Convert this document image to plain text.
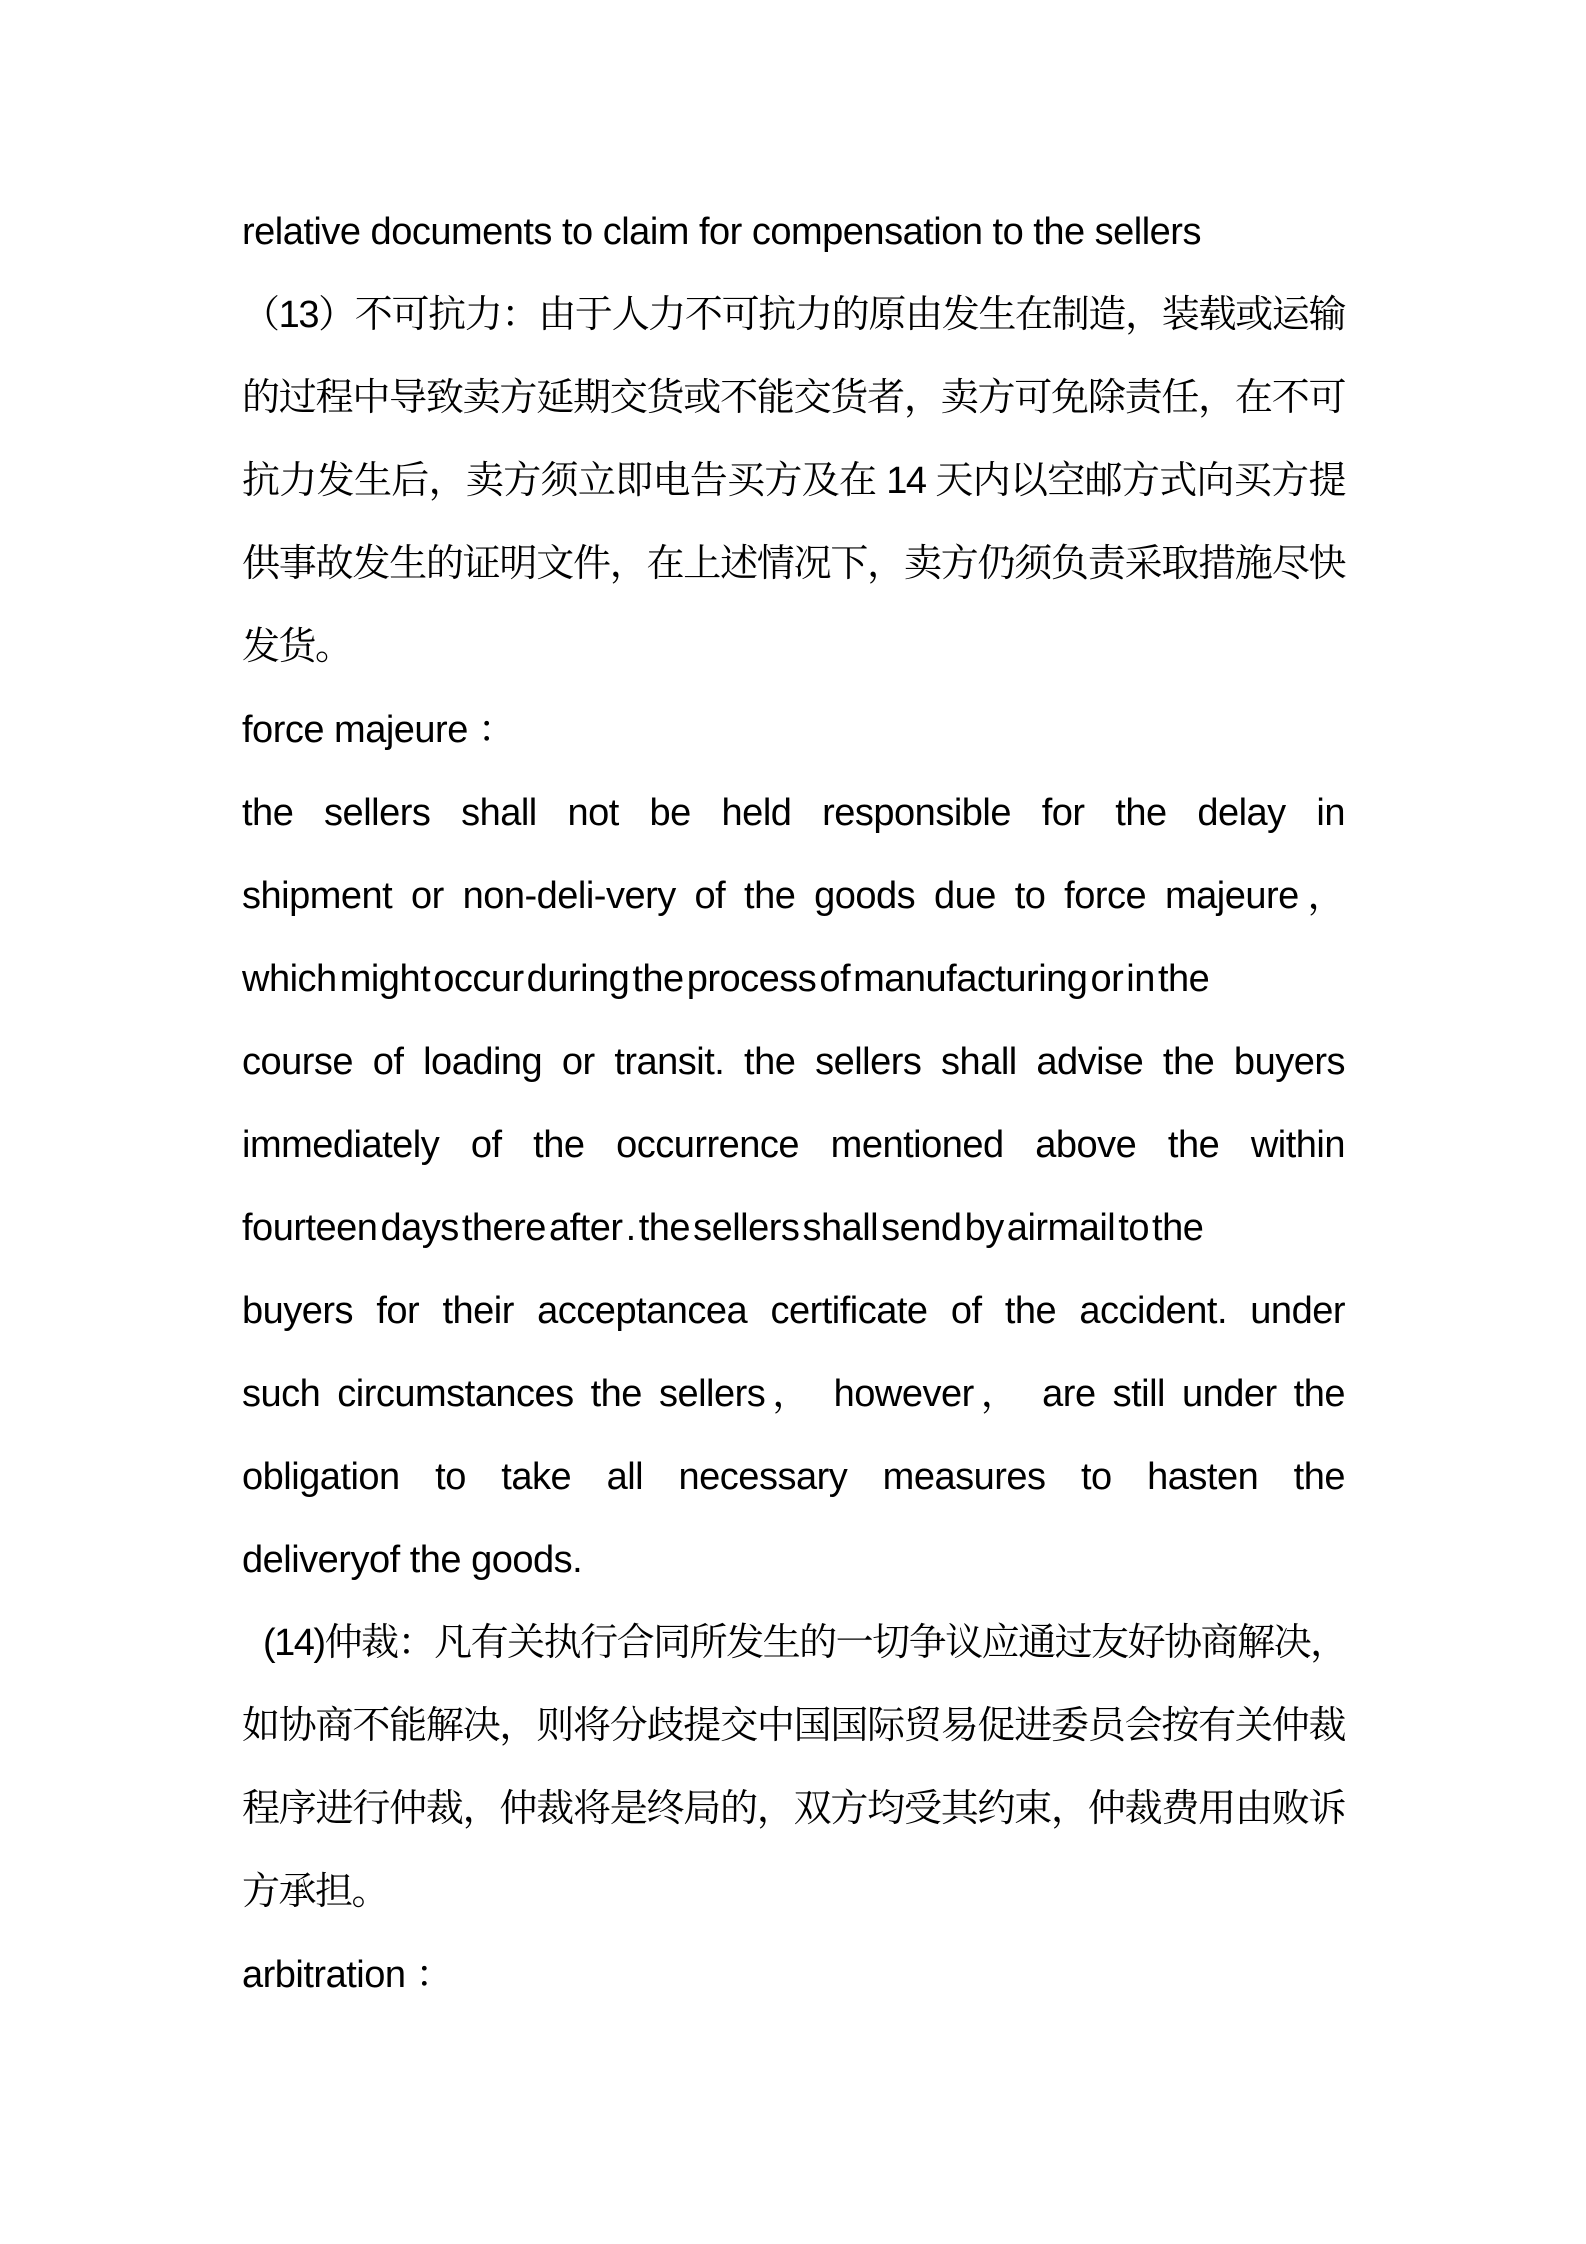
relative documents to claim for compensation to the sellers
（13）不可抗力：由于人力不可抗力的原由发生在制造，装载或运输
的过程中导致卖方延期交货或不能交货者，卖方可免除责任，在不可
抗力发生后，卖方须立即电告买方及在 14 天内以空邮方式向买方提
供事故发生的证明文件，在上述情况下，卖方仍须负责采取措施尽快
发货。
force majeure ：
the sellers shall not be held responsible for the delay in
shipment or non-deli-very of the goods due to force majeure，
which might occur during the process of manufacturing or in the
course of loading or transit. the sellers shall advise the buyers
immediately of the occurrence mentioned above the within
fourteen days there after . the sellers shall send by airmail to the
buyers for their acceptancea certificate of the accident. under
such circumstances the sellers， however， are still under the
obligation to take all necessary measures to hasten the
deliveryof the goods.
(14)仲裁：凡有关执行合同所发生的一切争议应通过友好协商解决，
如协商不能解决，则将分歧提交中国国际贸易促进委员会按有关仲裁
程序进行仲裁，仲裁将是终局的，双方均受其约束，仲裁费用由败诉
方承担。
arbitration ：
